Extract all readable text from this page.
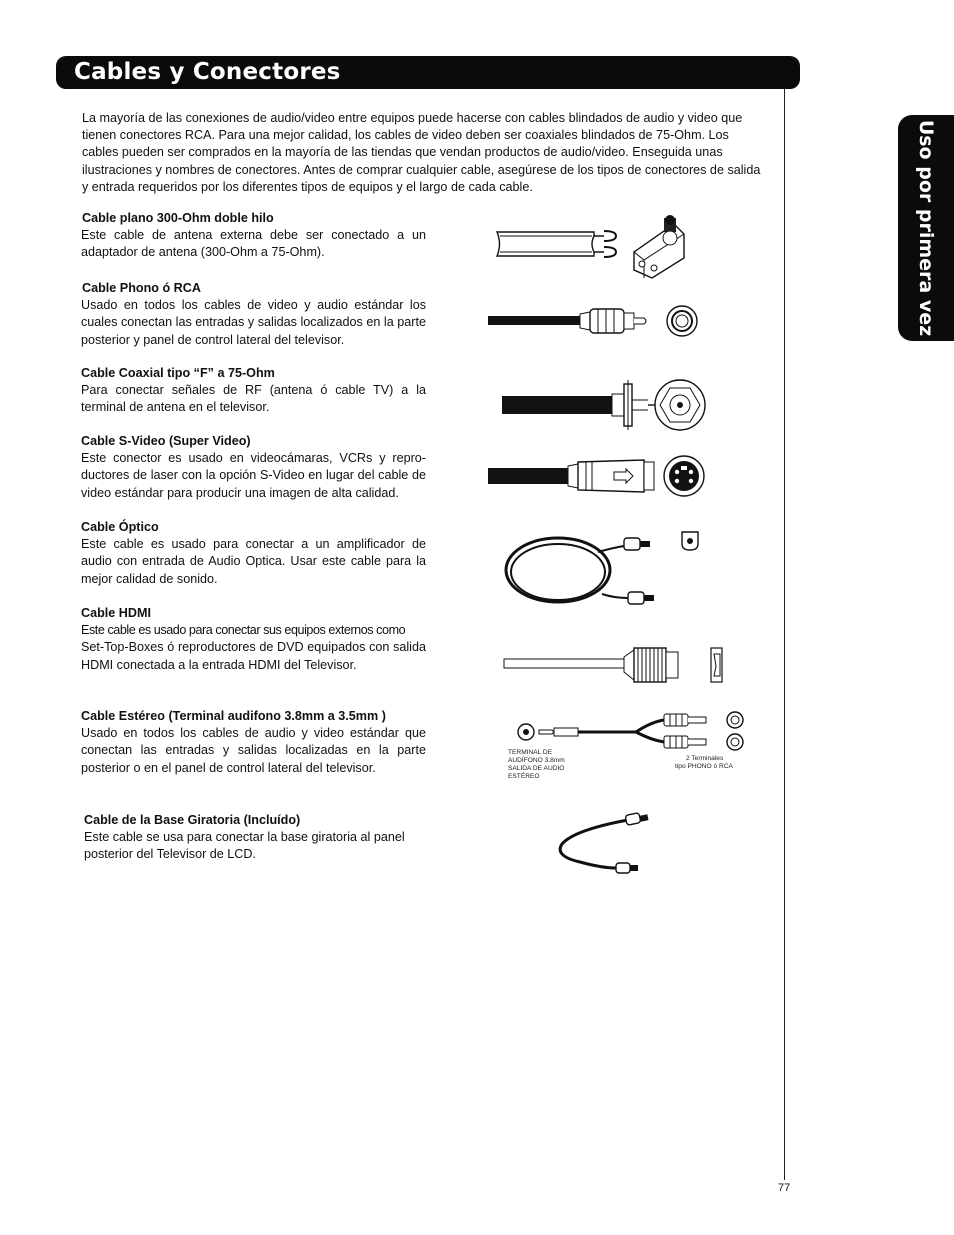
Cables y Conectores
Uso por primera vez
La mayoría de las conexiones de audio/video entre equipos puede hacerse con cables blindados de audio y video que tienen conectores RCA. Para una mejor calidad, los cables de video deben ser coaxiales blindados de 75-Ohm. Los cables pueden ser comprados en la mayoría de las tiendas que vendan productos de audio/video. Enseguida unas ilustraciones y nombres de conectores. Antes de comprar cualquier cable, asegúrese de los tipos de conectores de salida y entrada requeridos por los diferentes tipos de equipos y el largo de cada cable.
Cable plano 300-Ohm doble hilo
Este cable de antena externa debe ser conectado a un adaptador de antena (300-Ohm a 75-Ohm).
Cable Phono ó RCA
Usado en todos los cables de video y audio estándar los cuales conectan las entradas y salidas localizados en la parte posterior y panel de control lateral del televisor.
Cable Coaxial tipo “F” a 75-Ohm
Para conectar señales de RF (antena ó cable TV) a la terminal de antena en el televisor.
Cable S-Video (Super Video)
Este conector es usado en videocámaras, VCRs y repro-ductores de laser con la opción S-Video en lugar del cable de video estándar para producir una imagen de alta calidad.
Cable Óptico
Este cable es usado para conectar a un amplificador de audio con entrada de Audio Optica. Usar este cable para la mejor calidad de sonido.
Cable HDMI
Este cable es usado para conectar sus equipos externos como
Set-Top-Boxes ó reproductores de DVD equipados con salida HDMI conectada a la entrada HDMI del Televisor.
Cable Estéreo (Terminal audifono 3.8mm a 3.5mm )
Usado en todos los cables de audio y video estándar que conectan las entradas y salidas localizadas en la parte posterior o en el panel de control lateral del televisor.
Cable de la Base Giratoria (Incluído)
Este cable se usa para conectar la base giratoria al panel posterior del Televisor de LCD.
TERMINAL DE
AUDÍFONO 3.8mm
SALIDA DE AUDIO
ESTÉREO
2 Terminales
tipo PHONO ó RCA
77
